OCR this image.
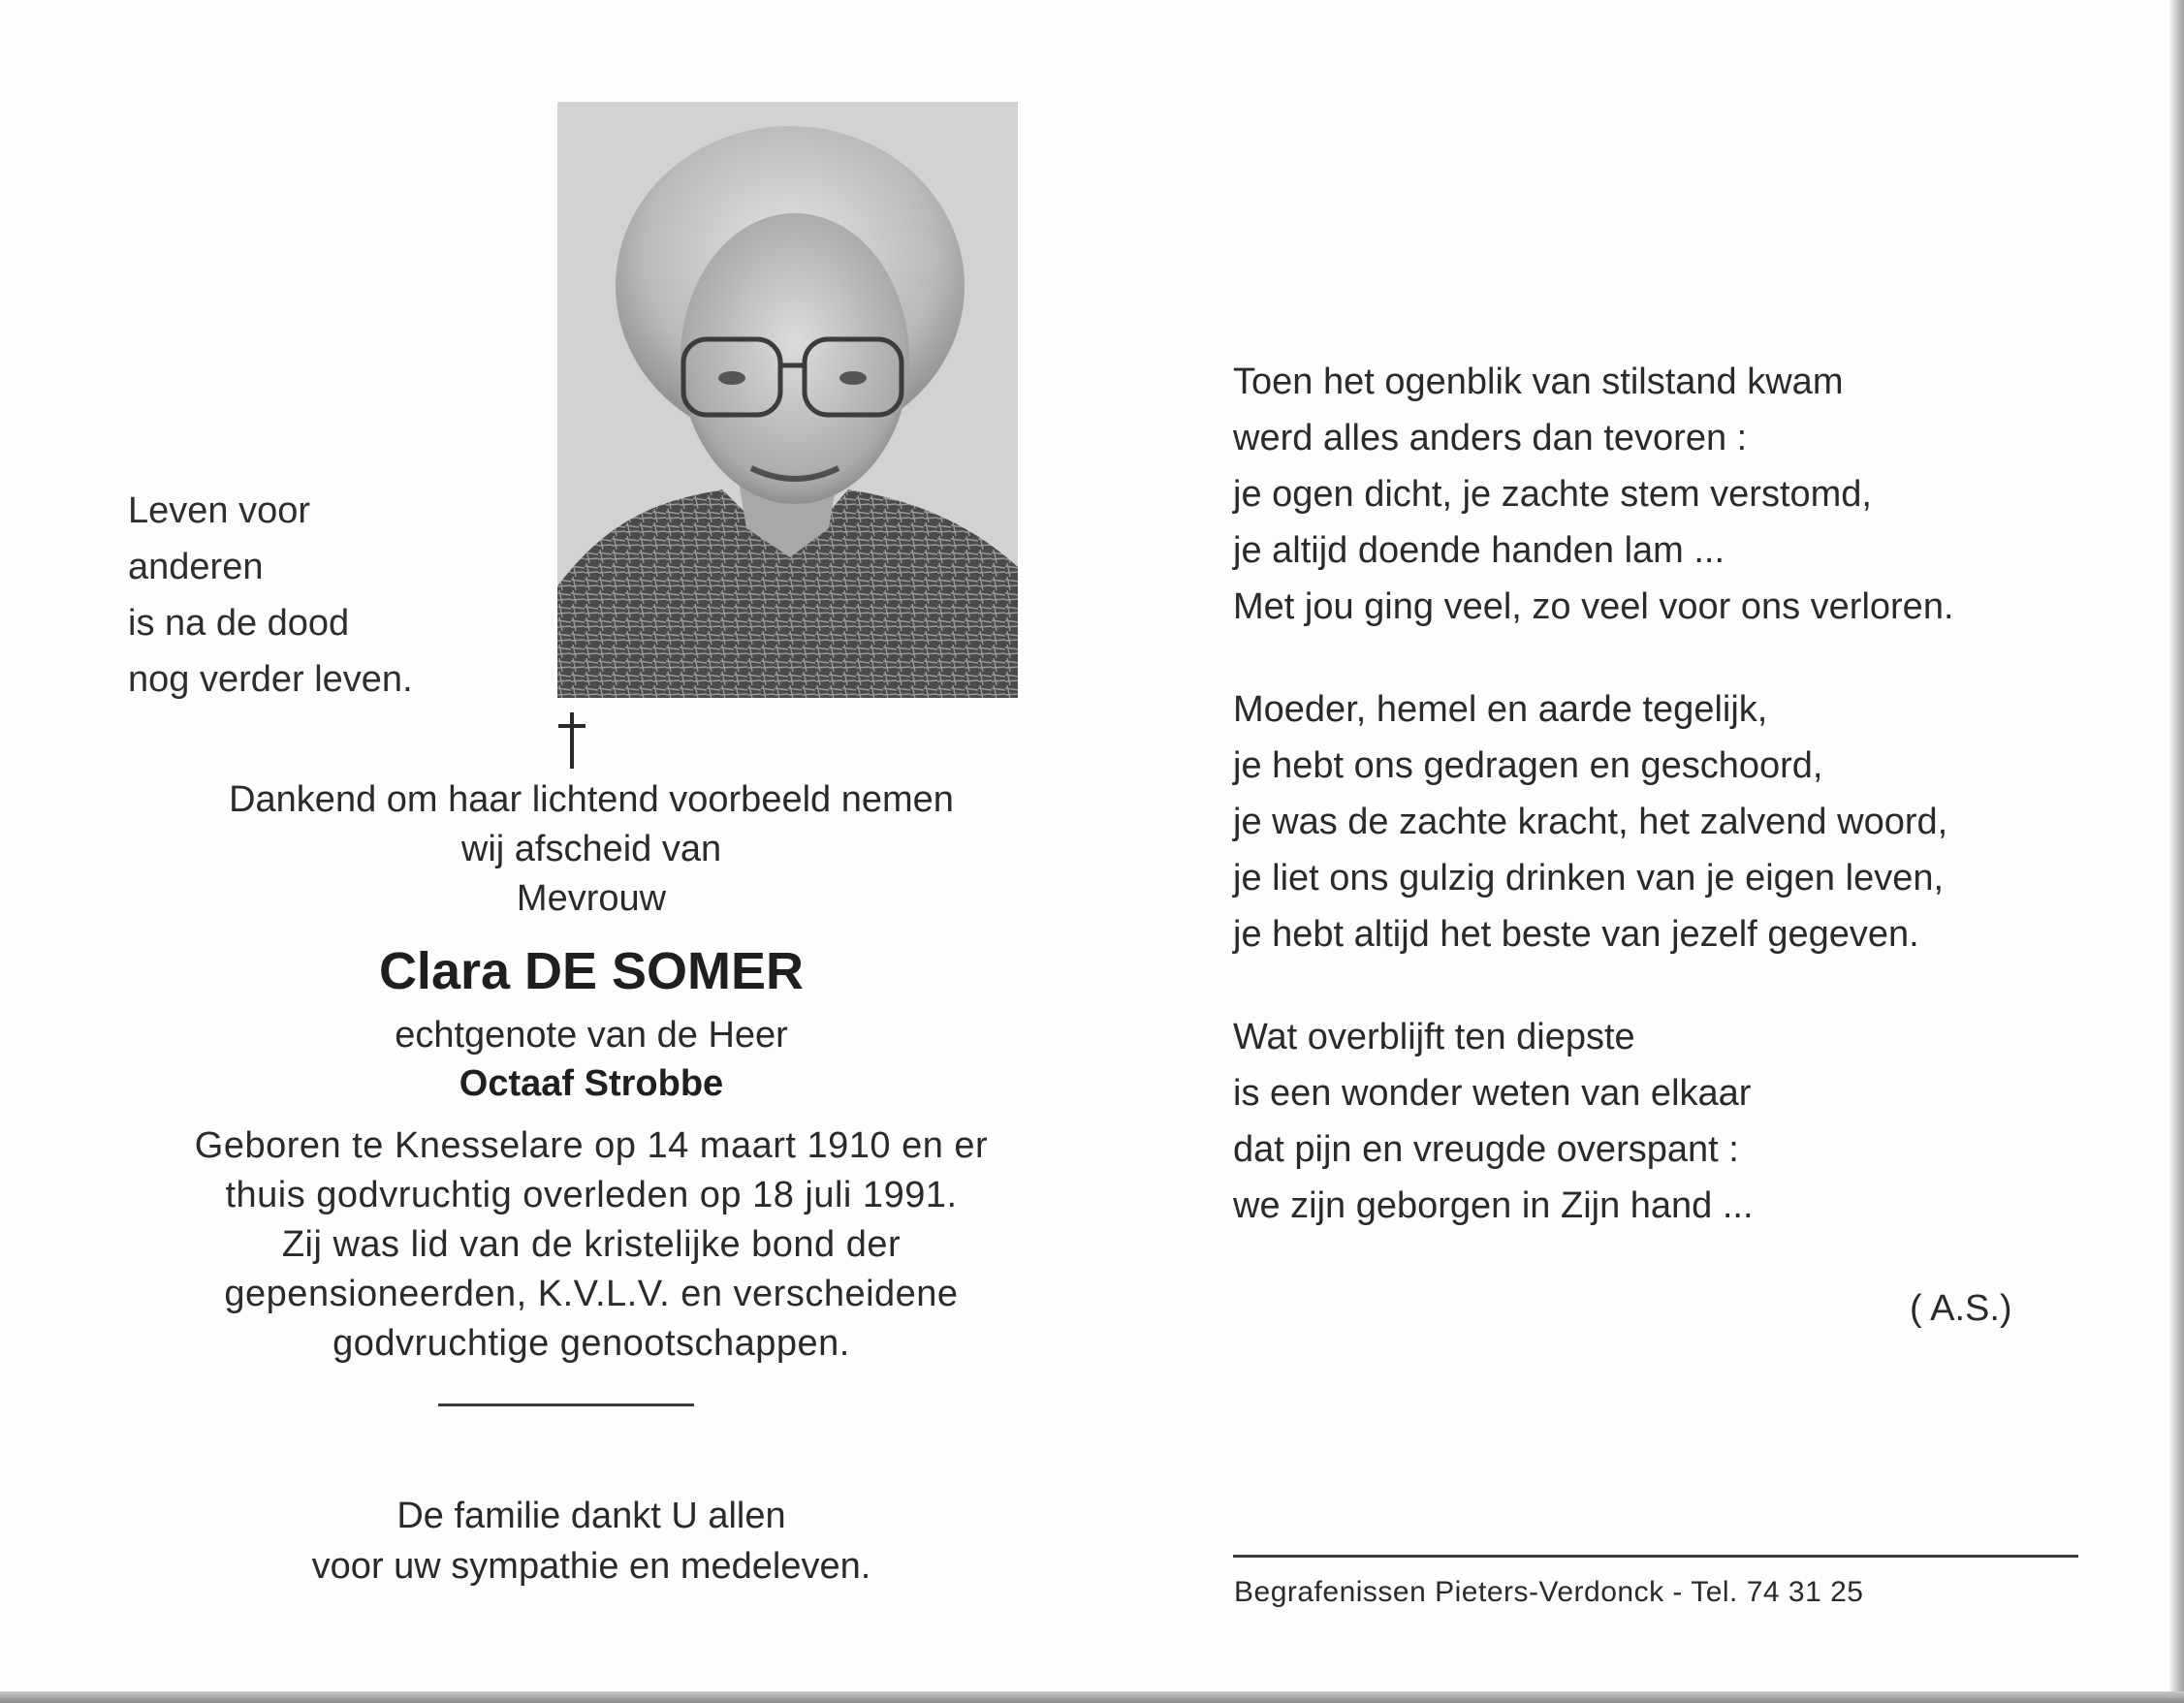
Leven voor
anderen
is na de dood
nog verder leven.
Dankend om haar lichtend voorbeeld nemen
wij afscheid van
Mevrouw
Clara DE SOMER
echtgenote van de Heer
Octaaf Strobbe
Geboren te Knesselare op 14 maart 1910 en er
thuis godvruchtig overleden op 18 juli 1991.
Zij was lid van de kristelijke bond der
gepensioneerden, K.V.L.V. en verscheidene
godvruchtige genootschappen.
De familie dankt U allen
voor uw sympathie en medeleven.
Toen het ogenblik van stilstand kwam
werd alles anders dan tevoren :
je ogen dicht, je zachte stem verstomd,
je altijd doende handen lam ...
Met jou ging veel, zo veel voor ons verloren.
Moeder, hemel en aarde tegelijk,
je hebt ons gedragen en geschoord,
je was de zachte kracht, het zalvend woord,
je liet ons gulzig drinken van je eigen leven,
je hebt altijd het beste van jezelf gegeven.
Wat overblijft ten diepste
is een wonder weten van elkaar
dat pijn en vreugde overspant :
we zijn geborgen in Zijn hand ...
( A.S.)
Begrafenissen Pieters-Verdonck - Tel. 74 31 25
